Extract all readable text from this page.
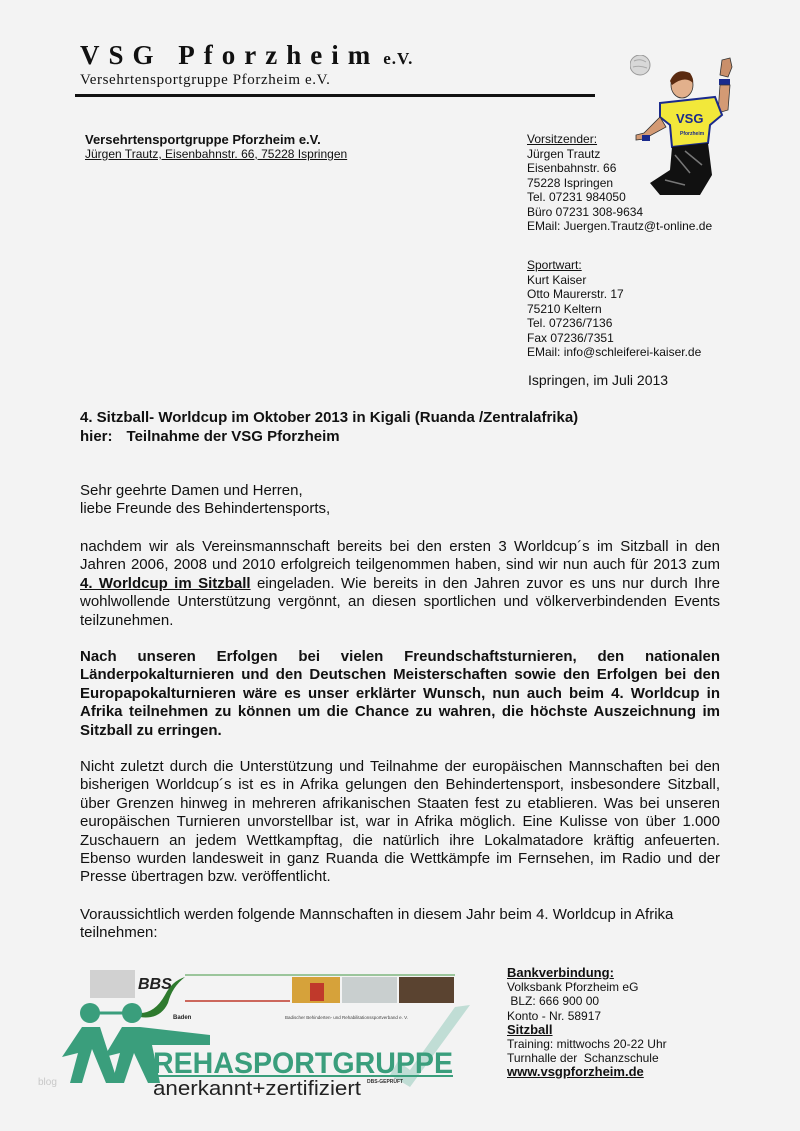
VSG Pforzheim e.V.
Versehrtensportgruppe Pforzheim e.V.
VSG
Pforzheim
Versehrtensportgruppe Pforzheim e.V.
Jürgen Trautz, Eisenbahnstr. 66, 75228 Ispringen
Vorsitzender:
Jürgen Trautz
Eisenbahnstr. 66
75228 Ispringen
Tel. 07231 984050
Büro 07231 308-9634
EMail: Juergen.Trautz@t-online.de
Sportwart:
Kurt Kaiser
Otto Maurerstr. 17
75210 Keltern
Tel. 07236/7136
Fax 07236/7351
EMail: info@schleiferei-kaiser.de
Ispringen, im Juli 2013
4. Sitzball- Worldcup im Oktober 2013 in Kigali (Ruanda /Zentralafrika)
hier: Teilnahme der VSG Pforzheim
Sehr geehrte Damen und Herren,
liebe Freunde des Behindertensports,
nachdem wir als Vereinsmannschaft bereits bei den ersten 3 Worldcup´s im Sitzball in den Jahren 2006, 2008 und 2010 erfolgreich teilgenommen haben, sind wir nun auch für 2013 zum 4. Worldcup im Sitzball eingeladen. Wie bereits in den Jahren zuvor es uns nur durch Ihre wohlwollende Unterstützung vergönnt, an diesen sportlichen und völkerverbindenden Events teilzunehmen.
Nach unseren Erfolgen bei vielen Freundschaftsturnieren, den nationalen Länderpokalturnieren und den Deutschen Meisterschaften sowie den Erfolgen bei den Europapokalturnieren wäre es unser erklärter Wunsch, nun auch beim 4. Worldcup in Afrika teilnehmen zu können um die Chance zu wahren, die höchste Auszeichnung im Sitzball zu erringen.
Nicht zuletzt durch die Unterstützung und Teilnahme der europäischen Mannschaften bei den bisherigen Worldcup´s ist es in Afrika gelungen den Behindertensport, insbesondere Sitzball, über Grenzen hinweg in mehreren afrikanischen Staaten fest zu etablieren. Was bei unseren europäischen Turnieren unvorstellbar ist, war in Afrika möglich. Eine Kulisse von über 1.000 Zuschauern an jedem Wettkampftag, die natürlich ihre Lokalmatadore kräftig anfeuerten. Ebenso wurden landesweit in ganz Ruanda die Wettkämpfe im Fernsehen, im Radio und der Presse übertragen bzw. veröffentlicht.
Voraussichtlich werden folgende Mannschaften in diesem Jahr beim 4. Worldcup in Afrika teilnehmen:
BBS
Baden	Badischer Behinderten- und Rehabilitationssportverband e. V.
REHASPORTGRUPPE
anerkannt+zertifiziert DBS-GEPRÜFT
blog
Bankverbindung:
Volksbank Pforzheim eG
BLZ: 666 900 00
Konto - Nr. 58917
Sitzball
Training: mittwochs 20-22 Uhr
Turnhalle der  Schanzschule
www.vsgpforzheim.de
